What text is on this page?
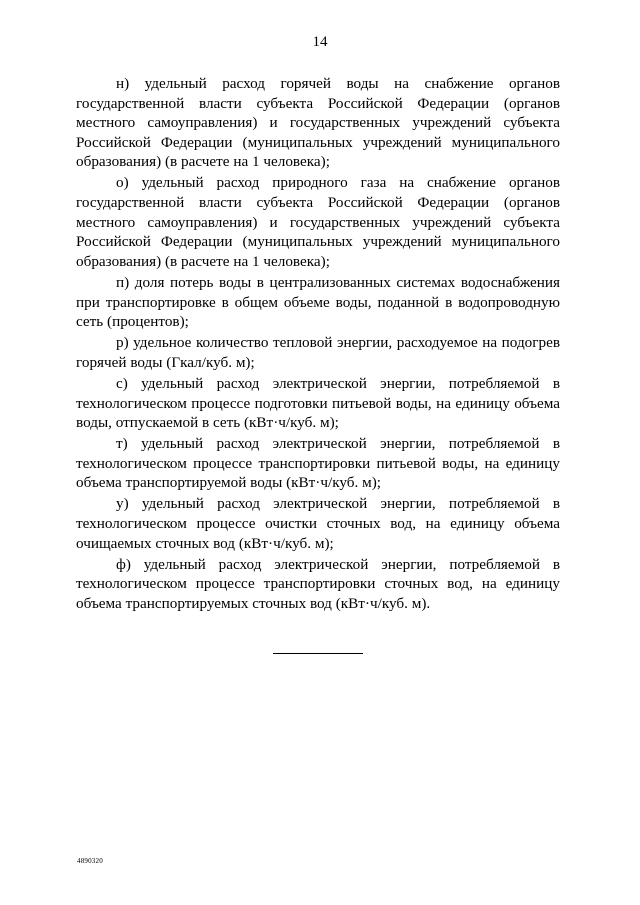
14

н) удельный расход горячей воды на снабжение органов государственной власти субъекта Российской Федерации (органов местного самоуправления) и государственных учреждений субъекта Российской Федерации (муниципальных учреждений муниципального образования) (в расчете на 1 человека);

о) удельный расход природного газа на снабжение органов государственной власти субъекта Российской Федерации (органов местного самоуправления) и государственных учреждений субъекта Российской Федерации (муниципальных учреждений муниципального образования) (в расчете на 1 человека);

п) доля потерь воды в централизованных системах водоснабжения при транспортировке в общем объеме воды, поданной в водопроводную сеть (процентов);

р) удельное количество тепловой энергии, расходуемое на подогрев горячей воды (Гкал/куб. м);

с) удельный расход электрической энергии, потребляемой в технологическом процессе подготовки питьевой воды, на единицу объема воды, отпускаемой в сеть (кВт·ч/куб. м);

т) удельный расход электрической энергии, потребляемой в технологическом процессе транспортировки питьевой воды, на единицу объема транспортируемой воды (кВт·ч/куб. м);

у) удельный расход электрической энергии, потребляемой в технологическом процессе очистки сточных вод, на единицу объема очищаемых сточных вод (кВт·ч/куб. м);

ф) удельный расход электрической энергии, потребляемой в технологическом процессе транспортировки сточных вод, на единицу объема транспортируемых сточных вод (кВт·ч/куб. м).

4890320
